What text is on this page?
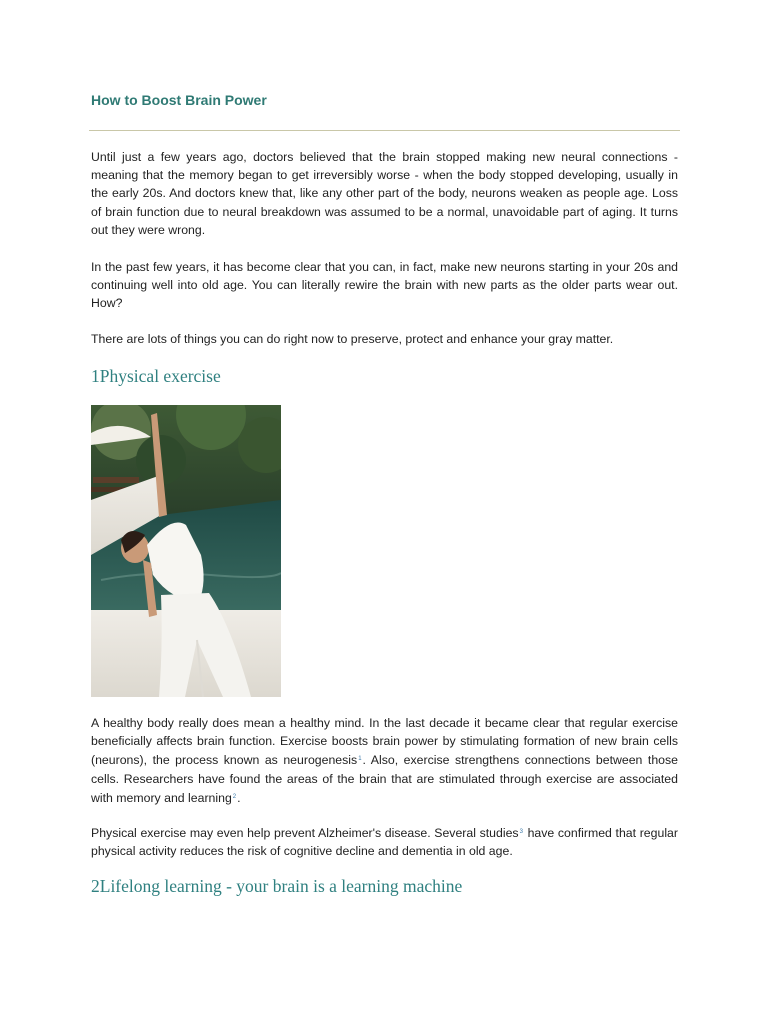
How to Boost Brain Power

Until just a few years ago, doctors believed that the brain stopped making new neural connections - meaning that the memory began to get irreversibly worse - when the body stopped developing, usually in the early 20s. And doctors knew that, like any other part of the body, neurons weaken as people age. Loss of brain function due to neural breakdown was assumed to be a normal, unavoidable part of aging. It turns out they were wrong.

In the past few years, it has become clear that you can, in fact, make new neurons starting in your 20s and continuing well into old age. You can literally rewire the brain with new parts as the older parts wear out. How?

There are lots of things you can do right now to preserve, protect and enhance your gray matter.

1Physical exercise

A healthy body really does mean a healthy mind. In the last decade it became clear that regular exercise beneficially affects brain function. Exercise boosts brain power by stimulating formation of new brain cells (neurons), the process known as neurogenesis$^1$. Also, exercise strengthens connections between those cells. Researchers have found the areas of the brain that are stimulated through exercise are associated with memory and learning$^2$.

Physical exercise may even help prevent Alzheimer's disease. Several studies$^3$ have confirmed that regular physical activity reduces the risk of cognitive decline and dementia in old age.

2Lifelong learning - your brain is a learning machine
